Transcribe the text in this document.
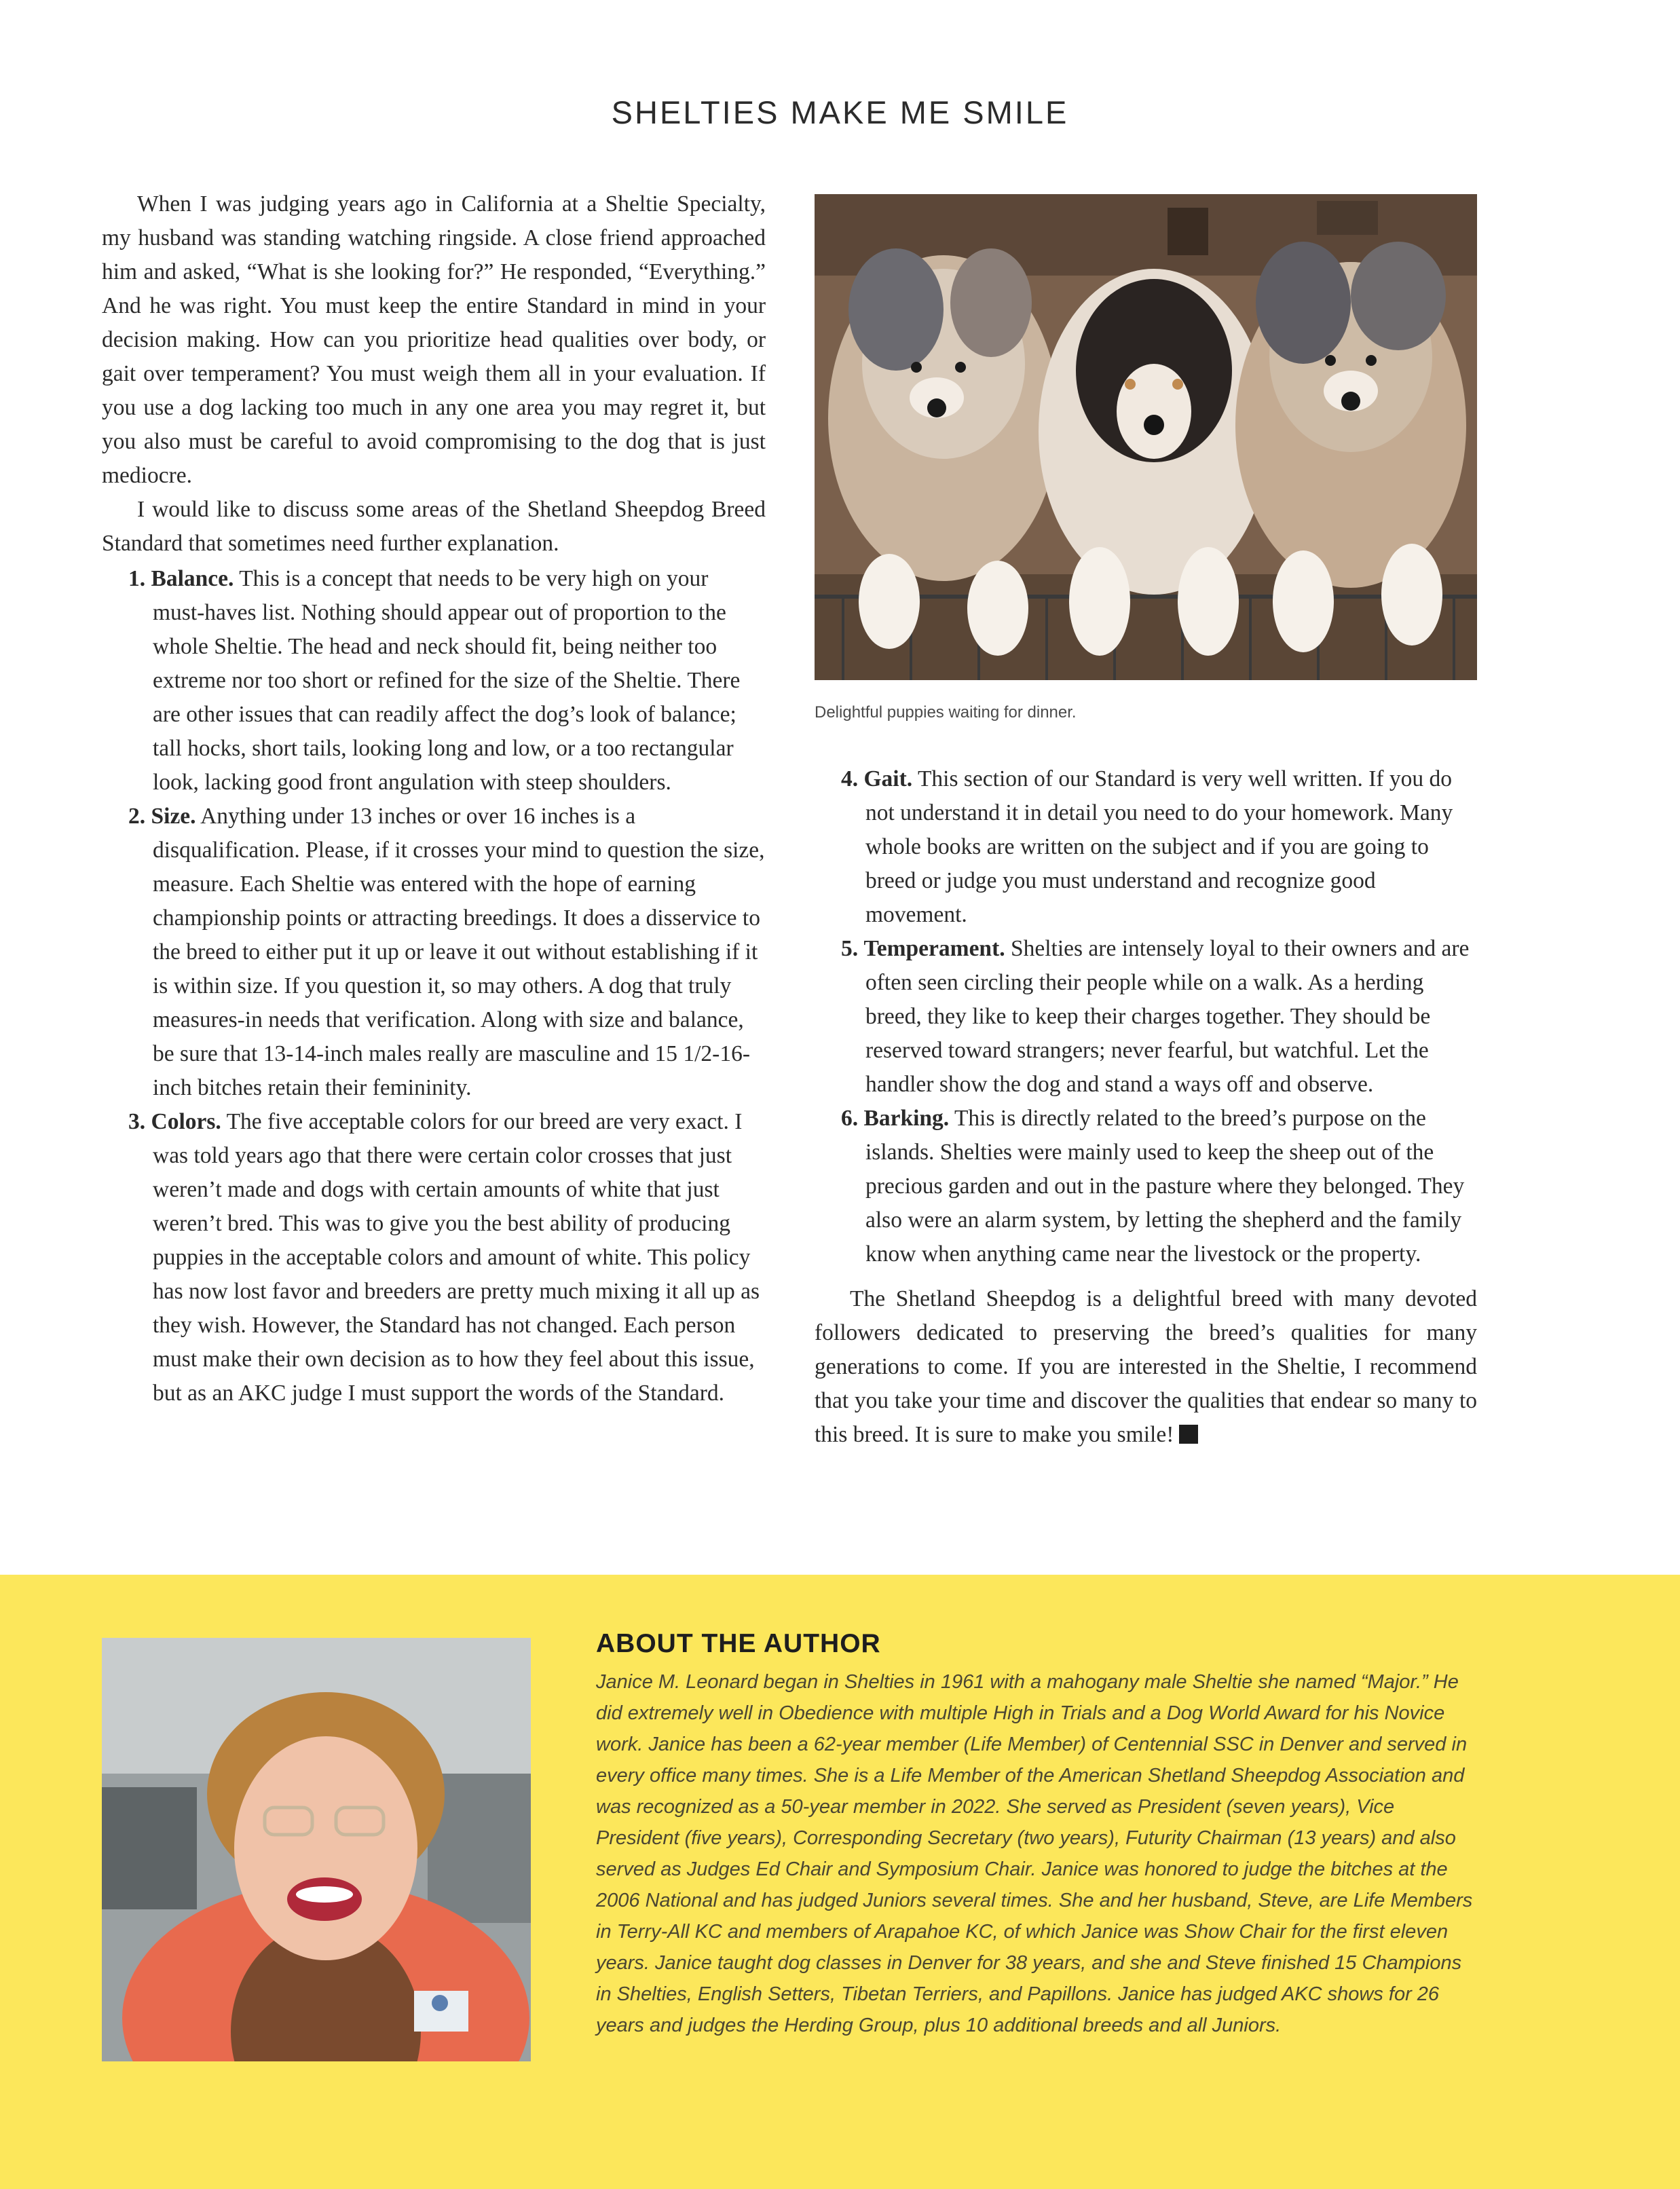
SHELTIES MAKE ME SMILE

When I was judging years ago in California at a Sheltie Specialty, my husband was standing watching ringside. A close friend approached him and asked, “What is she looking for?” He responded, “Everything.” And he was right. You must keep the entire Standard in mind in your decision making. How can you prioritize head qualities over body, or gait over temperament? You must weigh them all in your evaluation. If you use a dog lacking too much in any one area you may regret it, but you also must be careful to avoid compromising to the dog that is just mediocre.

I would like to discuss some areas of the Shetland Sheepdog Breed Standard that sometimes need further explanation.

1. Balance. This is a concept that needs to be very high on your must-haves list. Nothing should appear out of proportion to the whole Sheltie. The head and neck should fit, being neither too extreme nor too short or refined for the size of the Sheltie. There are other issues that can readily affect the dog’s look of balance; tall hocks, short tails, looking long and low, or a too rectangular look, lacking good front angulation with steep shoulders.
2. Size. Anything under 13 inches or over 16 inches is a disqualification. Please, if it crosses your mind to question the size, measure. Each Sheltie was entered with the hope of earning championship points or attracting breedings. It does a disservice to the breed to either put it up or leave it out without establishing if it is within size. If you question it, so may others. A dog that truly measures-in needs that verification. Along with size and balance, be sure that 13-14-inch males really are masculine and 15 1/2-16-inch bitches retain their femininity.
3. Colors. The five acceptable colors for our breed are very exact. I was told years ago that there were certain color crosses that just weren’t made and dogs with certain amounts of white that just weren’t bred. This was to give you the best ability of producing puppies in the acceptable colors and amount of white. This policy has now lost favor and breeders are pretty much mixing it all up as they wish. However, the Standard has not changed. Each person must make their own decision as to how they feel about this issue, but as an AKC judge I must support the words of the Standard.
Delightful puppies waiting for dinner.
4. Gait. This section of our Standard is very well written. If you do not understand it in detail you need to do your homework. Many whole books are written on the subject and if you are going to breed or judge you must understand and recognize good movement.
5. Temperament. Shelties are intensely loyal to their owners and are often seen circling their people while on a walk. As a herding breed, they like to keep their charges together. They should be reserved toward strangers; never fearful, but watchful. Let the handler show the dog and stand a ways off and observe.
6. Barking. This is directly related to the breed’s purpose on the islands. Shelties were mainly used to keep the sheep out of the precious garden and out in the pasture where they belonged. They also were an alarm system, by letting the shepherd and the family know when anything came near the livestock or the property.

The Shetland Sheepdog is a delightful breed with many devoted followers dedicated to preserving the breed’s qualities for many generations to come. If you are interested in the Sheltie, I recommend that you take your time and discover the qualities that endear so many to this breed. It is sure to make you smile!

ABOUT THE AUTHOR
Janice M. Leonard began in Shelties in 1961 with a mahogany male Sheltie she named “Major.” He did extremely well in Obedience with multiple High in Trials and a Dog World Award for his Novice work. Janice has been a 62-year member (Life Member) of Centennial SSC in Denver and served in every office many times. She is a Life Member of the American Shetland Sheepdog Association and was recognized as a 50-year member in 2022. She served as President (seven years), Vice President (five years), Corresponding Secretary (two years), Futurity Chairman (13 years) and also served as Judges Ed Chair and Symposium Chair. Janice was honored to judge the bitches at the 2006 National and has judged Juniors several times. She and her husband, Steve, are Life Members in Terry-All KC and members of Arapahoe KC, of which Janice was Show Chair for the first eleven years. Janice taught dog classes in Denver for 38 years, and she and Steve finished 15 Champions in Shelties, English Setters, Tibetan Terriers, and Papillons. Janice has judged AKC shows for 26 years and judges the Herding Group, plus 10 additional breeds and all Juniors.
